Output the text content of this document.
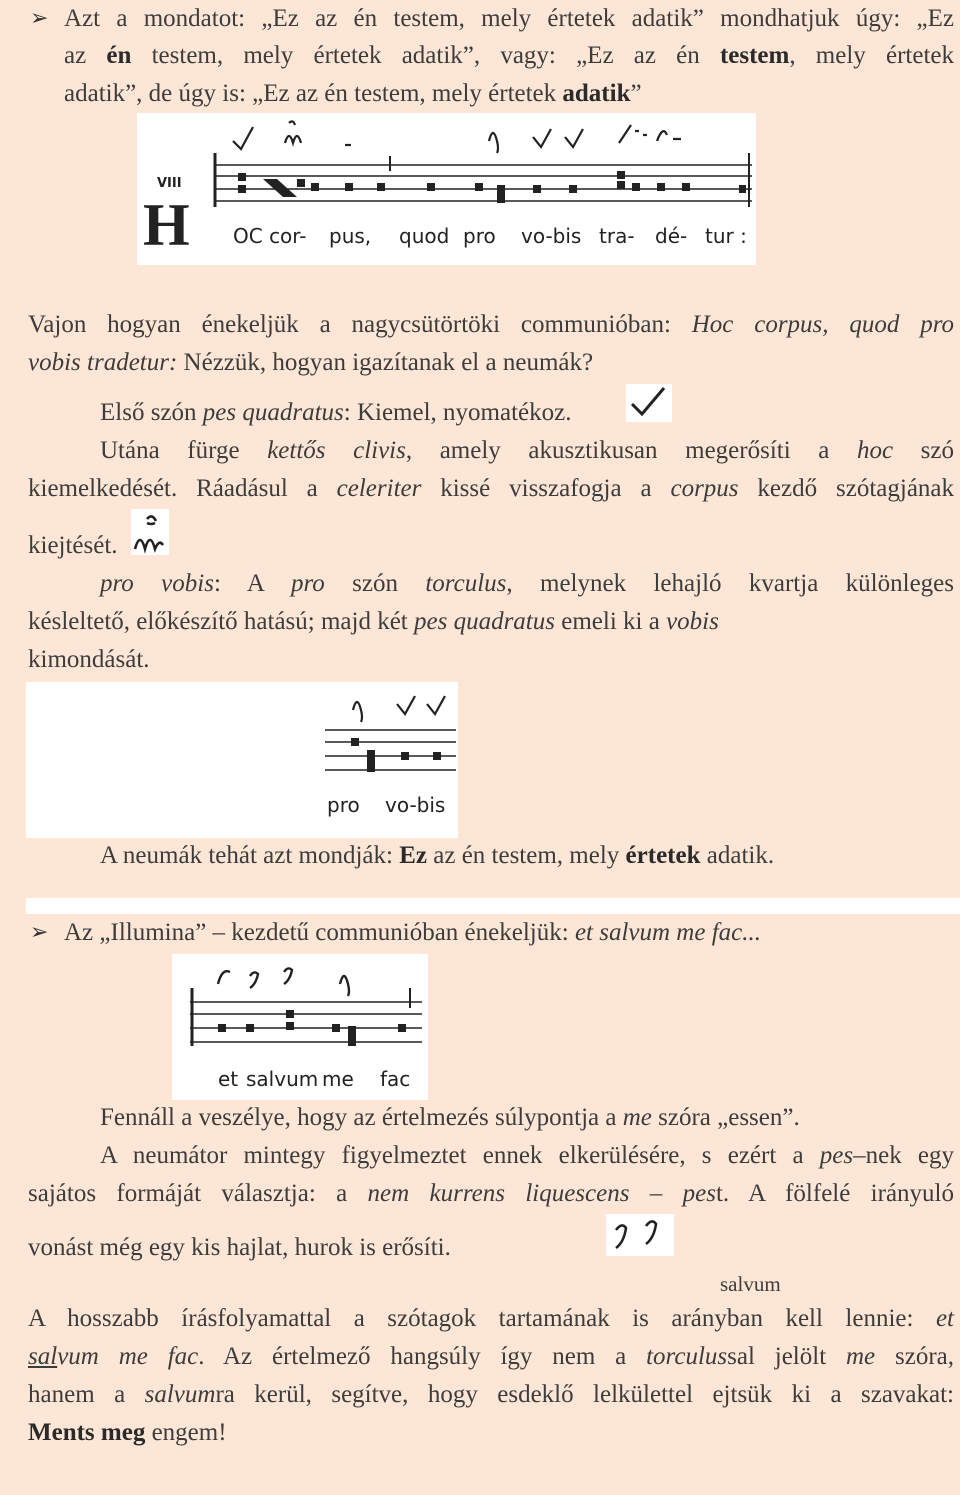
➢ Azt a mondatot: „Ez az én testem, mely értetek adatik” mondhatjuk úgy: „Ez
az én testem, mely értetek adatik”, vagy: „Ez az én testem, mely értetek
adatik”, de úgy is: „Ez az én testem, mely értetek adatik”
VIII
H OC cor- pus, quod pro vo-bis tra- dé- tur :
Vajon hogyan énekeljük a nagycsütörtöki communióban: Hoc corpus, quod pro
vobis tradetur: Nézzük, hogyan igazítanak el a neumák?
Első szón pes quadratus: Kiemel, nyomatékoz.
Utána fürge kettős clivis, amely akusztikusan megerősíti a hoc szó
kiemelkedését. Ráadásul a celeriter kissé visszafogja a corpus kezdő szótagjának
kiejtését.
pro vobis: A pro szón torculus, melynek lehajló kvartja különleges
késleltető, előkészítő hatású; majd két pes quadratus emeli ki a vobis
kimondását.
pro vo-bis
A neumák tehát azt mondják: Ez az én testem, mely értetek adatik.
➢ Az „Illumina” – kezdetű communióban énekeljük: et salvum me fac...
et salvum me fac
Fennáll a veszélye, hogy az értelmezés súlypontja a me szóra „essen”.
A neumátor mintegy figyelmeztet ennek elkerülésére, s ezért a pes–nek egy
sajátos formáját választja: a nem kurrens liquescens – pest. A fölfelé irányuló
vonást még egy kis hajlat, hurok is erősíti.
salvum
A hosszabb írásfolyamattal a szótagok tartamának is arányban kell lennie: et
salvum me fac. Az értelmező hangsúly így nem a torculussal jelölt me szóra,
hanem a salvumra kerül, segítve, hogy esdeklő lelkülettel ejtsük ki a szavakat:
Ments meg engem!
